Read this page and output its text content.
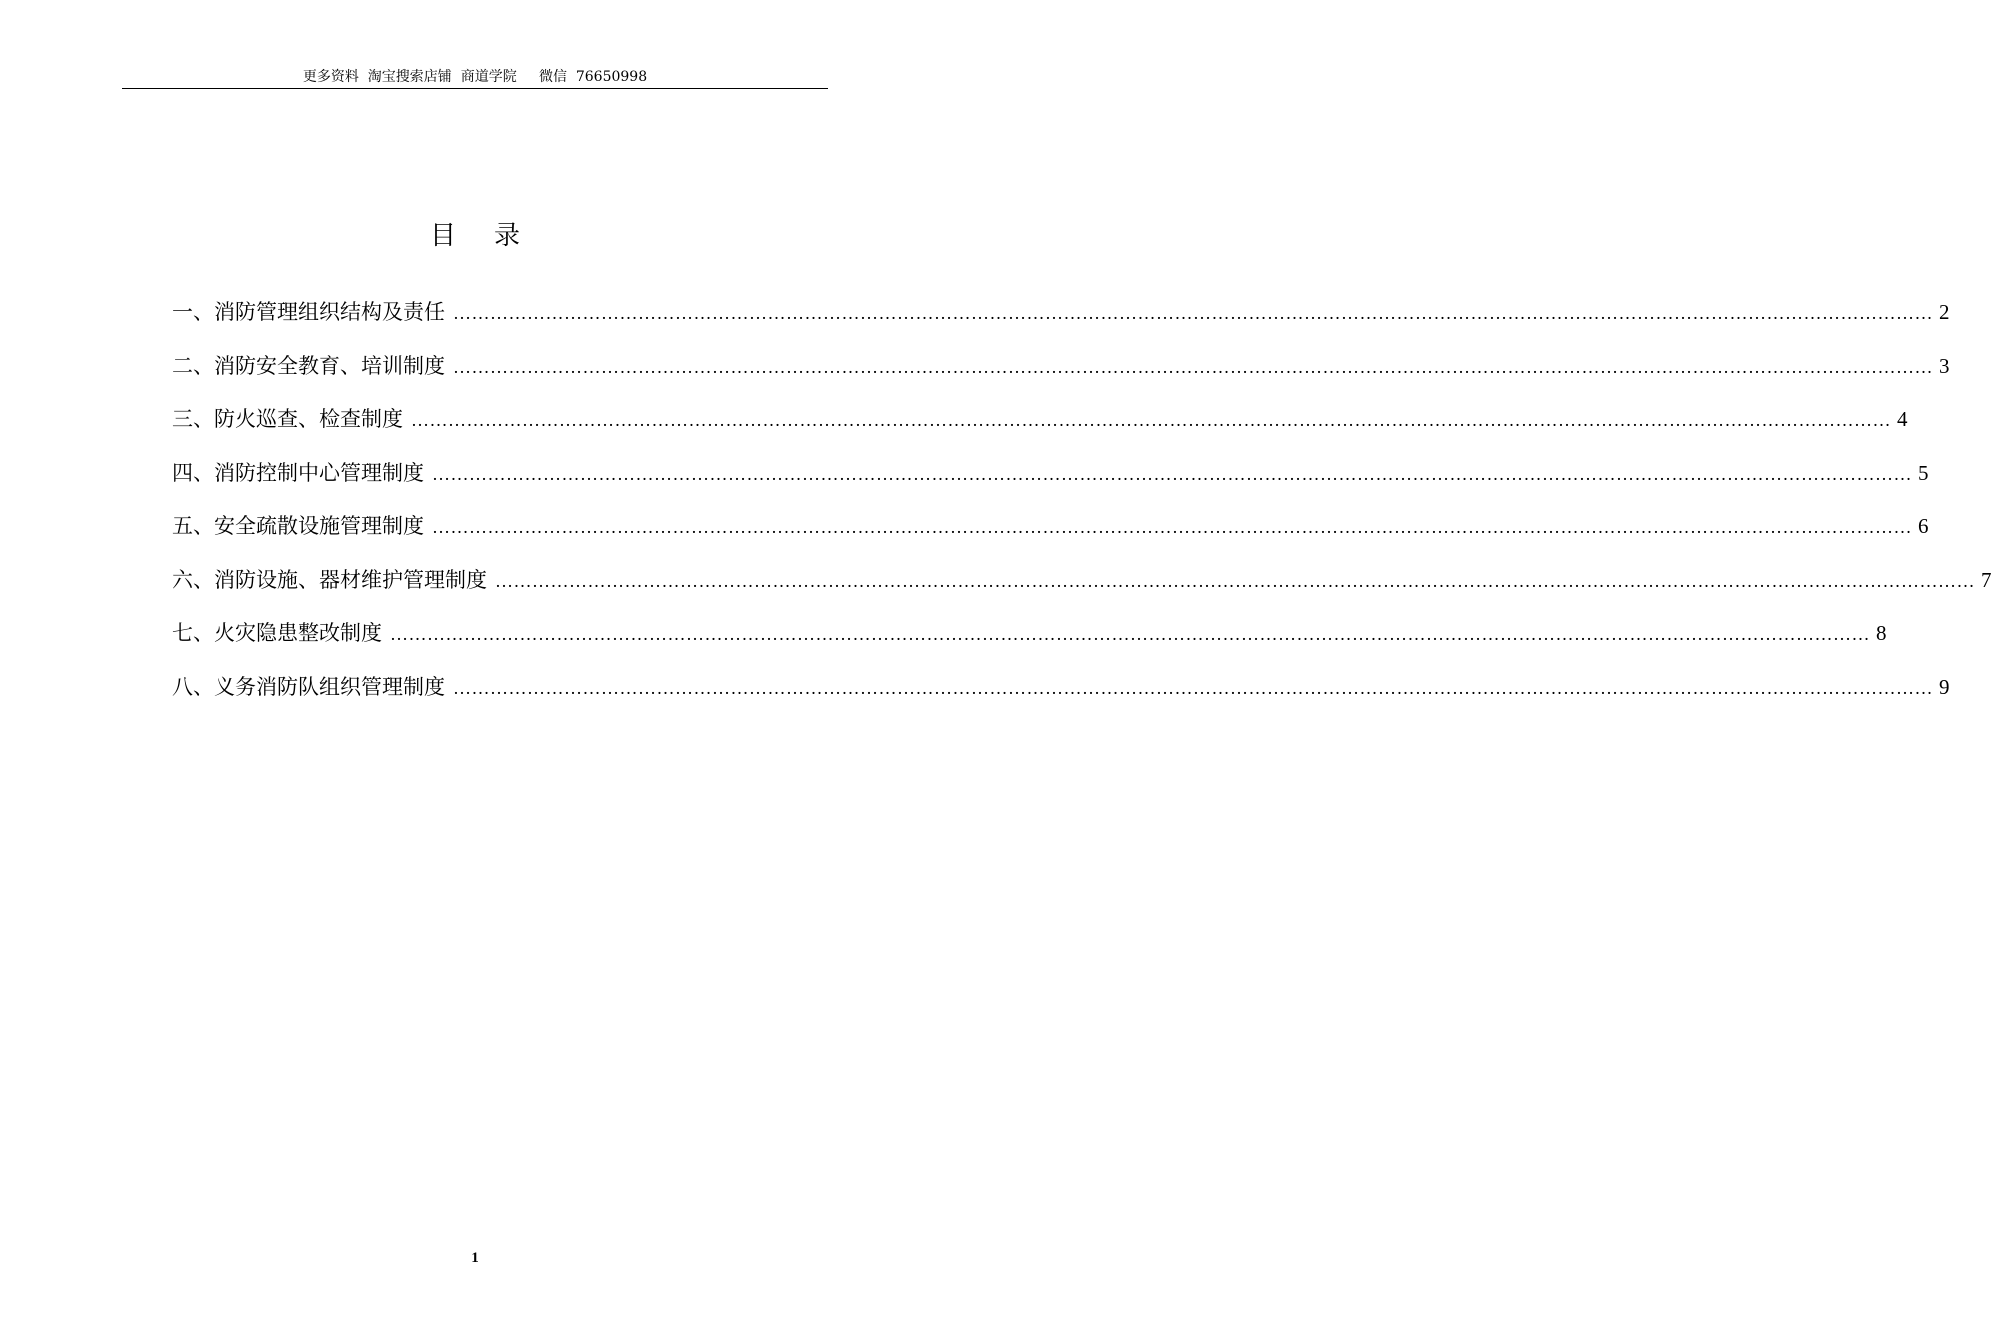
更多资料  淘宝搜索店铺  商道学院     微信  76650998
目 录
一、消防管理组织结构及责任 …………………………………………………………………………………………………………………………………………………………………………………………………………………… 2
二、消防安全教育、培训制度 …………………………………………………………………………………………………………………………………………………………………………………………………………………… 3
三、防火巡查、检查制度 …………………………………………………………………………………………………………………………………………………………………………………………………………………… 4
四、消防控制中心管理制度 …………………………………………………………………………………………………………………………………………………………………………………………………………………… 5
五、安全疏散设施管理制度 …………………………………………………………………………………………………………………………………………………………………………………………………………………… 6
六、消防设施、器材维护管理制度 …………………………………………………………………………………………………………………………………………………………………………………………………………………… 7
七、火灾隐患整改制度 …………………………………………………………………………………………………………………………………………………………………………………………………………………… 8
八、义务消防队组织管理制度 …………………………………………………………………………………………………………………………………………………………………………………………………………………… 9
1
